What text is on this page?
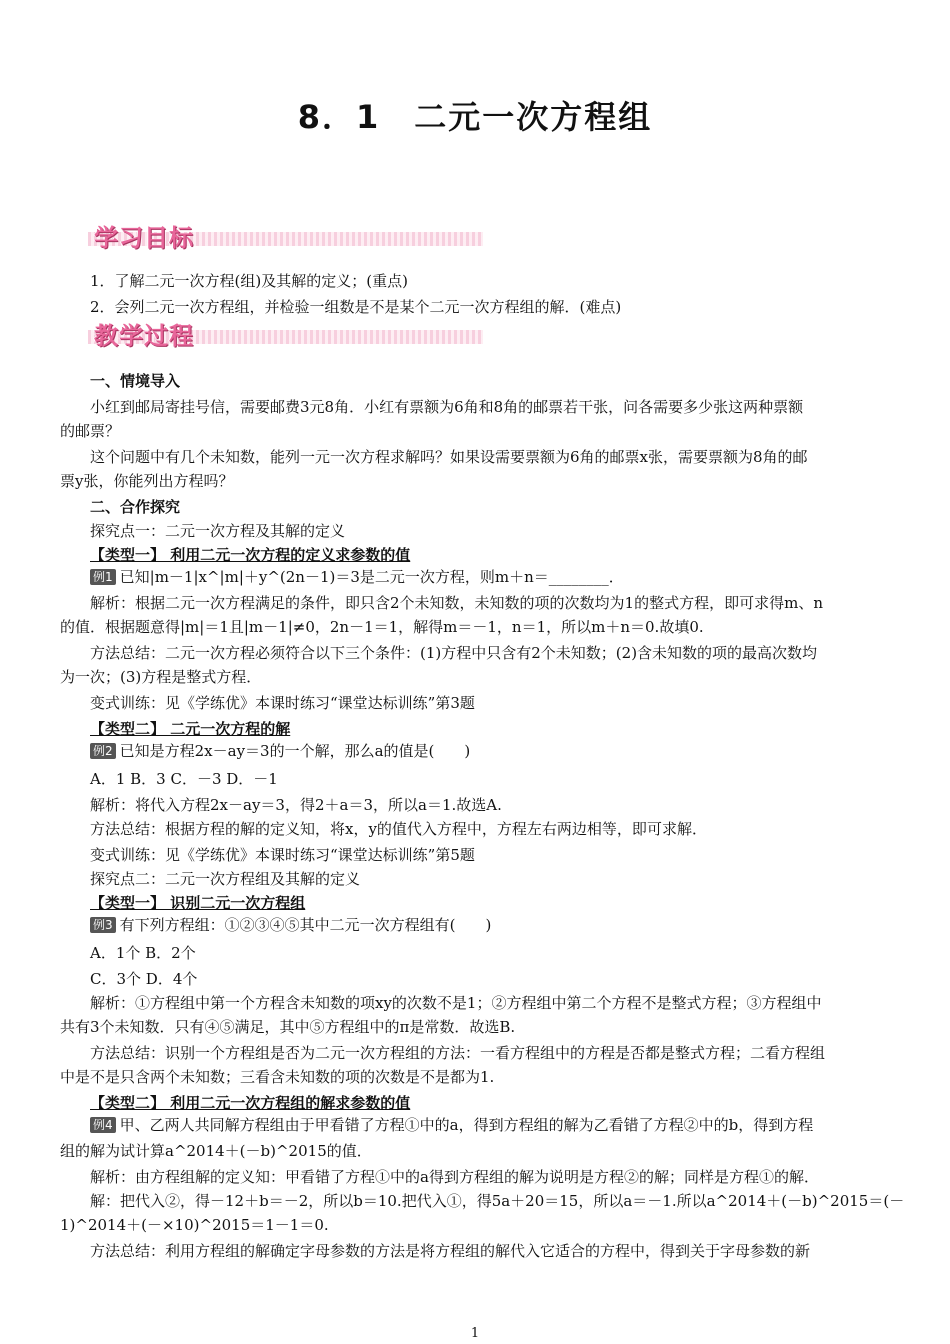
8．1　二元一次方程组
学习目标
1．了解二元一次方程(组)及其解的定义；(重点)
2．会列二元一次方程组，并检验一组数是不是某个二元一次方程组的解．(难点)
教学过程
一、情境导入
小红到邮局寄挂号信，需要邮费3元8角．小红有票额为6角和8角的邮票若干张，问各需要多少张这两种票额
的邮票？
这个问题中有几个未知数，能列一元一次方程求解吗？如果设需要票额为6角的邮票x张，需要票额为8角的邮
票y张，你能列出方程吗？
二、合作探究
探究点一：二元一次方程及其解的定义
【类型一】 利用二元一次方程的定义求参数的值
例1 已知|m－1|x^|m|＋y^(2n－1)＝3是二元一次方程，则m＋n＝________．
解析：根据二元一次方程满足的条件，即只含2个未知数，未知数的项的次数均为1的整式方程，即可求得m、n
的值．根据题意得|m|＝1且|m－1|≠0，2n－1＝1，解得m＝－1，n＝1，所以m＋n＝0.故填0.
方法总结：二元一次方程必须符合以下三个条件：(1)方程中只含有2个未知数；(2)含未知数的项的最高次数均
为一次；(3)方程是整式方程．
变式训练：见《学练优》本课时练习“课堂达标训练”第3题
【类型二】 二元一次方程的解
例2 已知是方程2x－ay＝3的一个解，那么a的值是(　　)
A．1 B．3 C．－3 D．－1
解析：将代入方程2x－ay＝3，得2＋a＝3，所以a＝1.故选A.
方法总结：根据方程的解的定义知，将x，y的值代入方程中，方程左右两边相等，即可求解．
变式训练：见《学练优》本课时练习“课堂达标训练”第5题
探究点二：二元一次方程组及其解的定义
【类型一】 识别二元一次方程组
例3 有下列方程组：①②③④⑤其中二元一次方程组有(　　)
A．1个 B．2个
C．3个 D．4个
解析：①方程组中第一个方程含未知数的项xy的次数不是1；②方程组中第二个方程不是整式方程；③方程组中
共有3个未知数．只有④⑤满足，其中⑤方程组中的π是常数．故选B.
方法总结：识别一个方程组是否为二元一次方程组的方法：一看方程组中的方程是否都是整式方程；二看方程组
中是不是只含两个未知数；三看含未知数的项的次数是不是都为1.
【类型二】 利用二元一次方程组的解求参数的值
例4 甲、乙两人共同解方程组由于甲看错了方程①中的a，得到方程组的解为乙看错了方程②中的b，得到方程
组的解为试计算a^2014＋(－b)^2015的值．
解析：由方程组解的定义知：甲看错了方程①中的a得到方程组的解为说明是方程②的解；同样是方程①的解．
解：把代入②，得－12＋b＝－2，所以b＝10.把代入①，得5a＋20＝15，所以a＝－1.所以a^2014＋(－b)^2015＝(－
1)^2014＋(－×10)^2015＝1－1＝0.
方法总结：利用方程组的解确定字母参数的方法是将方程组的解代入它适合的方程中，得到关于字母参数的新
1
